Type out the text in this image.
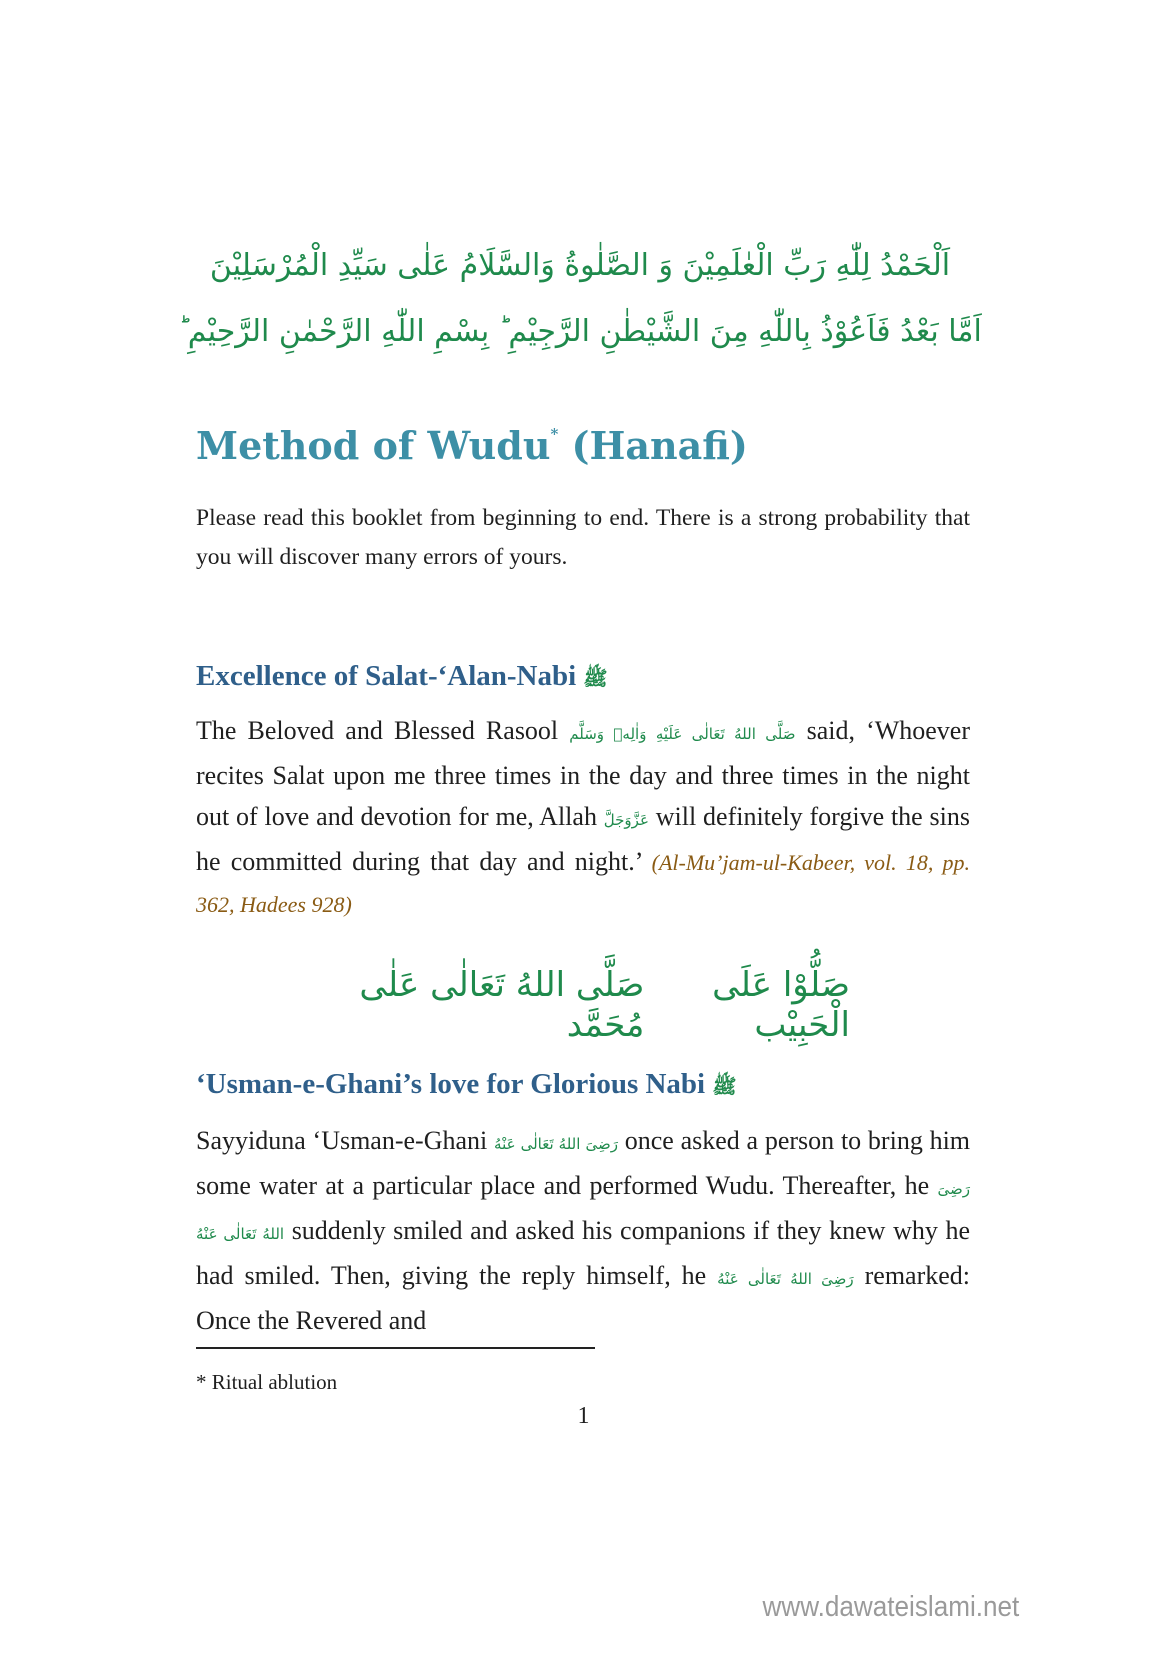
اَلْحَمْدُ لِلّٰهِ رَبِّ الْعٰلَمِيْنَ وَ الصَّلٰوةُ وَالسَّلَامُ عَلٰى سَيِّدِ الْمُرْسَلِيْنَ
اَمَّا بَعْدُ فَاَعُوْذُ بِاللّٰهِ مِنَ الشَّيْطٰنِ الرَّجِيْمِ ؕ بِسْمِ اللّٰهِ الرَّحْمٰنِ الرَّحِيْمِ ؕ
Method of Wudu* (Hanafi)

Please read this booklet from beginning to end. There is a strong probability that you will discover many errors of yours.

Excellence of Salat-‘Alan-Nabi ﷺ

The Beloved and Blessed Rasool صَلَّى اللهُ تَعَالٰى عَلَيْهِ وَاٰلِهٖ وَسَلَّم said, ‘Whoever recites Salat upon me three times in the day and three times in the night out of love and devotion for me, Allah عَزَّوَجَلَّ will definitely forgive the sins he committed during that day and night.’ (Al-Mu’jam-ul-Kabeer, vol. 18, pp. 362, Hadees 928)

صَلُّوْا عَلَى الْحَبِيْب
صَلَّى اللهُ تَعَالٰى عَلٰى مُحَمَّد
‘Usman-e-Ghani’s love for Glorious Nabi ﷺ

Sayyiduna ‘Usman-e-Ghani رَضِیَ اللهُ تَعَالٰى عَنْهُ once asked a person to bring him some water at a particular place and performed Wudu. Thereafter, he رَضِیَ اللهُ تَعَالٰى عَنْهُ suddenly smiled and asked his companions if they knew why he had smiled. Then, giving the reply himself, he رَضِیَ اللهُ تَعَالٰى عَنْهُ remarked: Once the Revered and

* Ritual ablution

1
www.dawateislami.net
